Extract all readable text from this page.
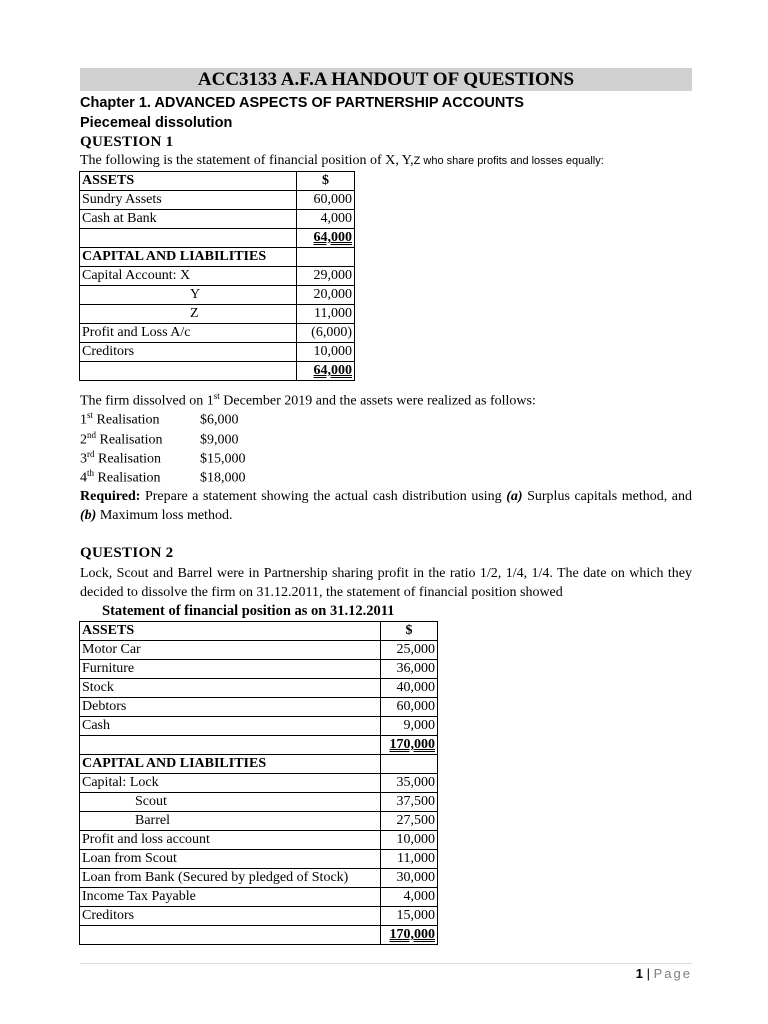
ACC3133 A.F.A HANDOUT OF QUESTIONS
Chapter 1. ADVANCED ASPECTS OF PARTNERSHIP ACCOUNTS
Piecemeal dissolution
QUESTION 1
The following is the statement of financial position of X, Y,Z who share profits and losses equally:
ASSETS	$
Sundry Assets	60,000
Cash at Bank	4,000
	64,000
CAPITAL AND LIABILITIES	
Capital Account: X	29,000
Y	20,000
Z	11,000
Profit and Loss A/c	(6,000)
Creditors	10,000
	64,000
The firm dissolved on 1st December 2019 and the assets were realized as follows:
1st Realisation	$6,000
2nd Realisation	$9,000
3rd Realisation	$15,000
4th Realisation	$18,000
Required: Prepare a statement showing the actual cash distribution using (a) Surplus capitals method, and (b) Maximum loss method.
QUESTION 2
Lock, Scout and Barrel were in Partnership sharing profit in the ratio 1/2, 1/4, 1/4. The date on which they decided to dissolve the firm on 31.12.2011, the statement of financial position showed
Statement of financial position as on 31.12.2011
ASSETS	$
Motor Car	25,000
Furniture	36,000
Stock	40,000
Debtors	60,000
Cash	9,000
	170,000
CAPITAL AND LIABILITIES	
Capital: Lock	35,000
Scout	37,500
Barrel	27,500
Profit and loss account	10,000
Loan from Scout	11,000
Loan from Bank (Secured by pledged of Stock)	30,000
Income Tax Payable	4,000
Creditors	15,000
	170,000
1 | Page
